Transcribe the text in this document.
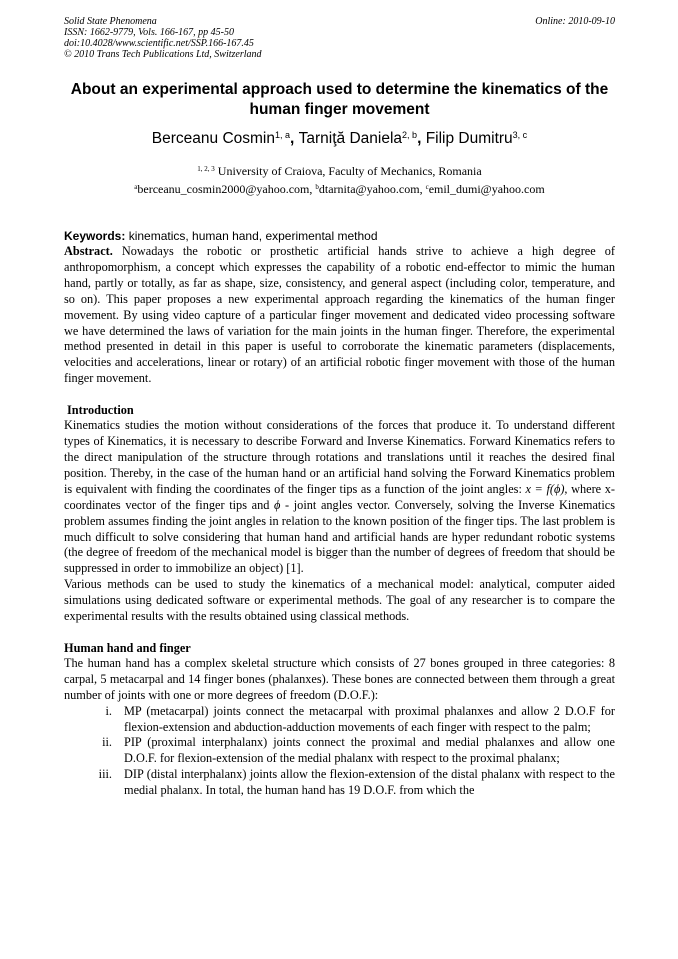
Solid State Phenomena
ISSN: 1662-9779, Vols. 166-167, pp 45-50
doi:10.4028/www.scientific.net/SSP.166-167.45
© 2010 Trans Tech Publications Ltd, Switzerland
Online: 2010-09-10
About an experimental approach used to determine the kinematics of the human finger movement
Berceanu Cosmin$^{1, a}$, Tarniţă Daniela$^{2, b}$, Filip Dumitru$^{3, c}$
$^{1, 2, 3}$ University of Craiova, Faculty of Mechanics, Romania
$^a$berceanu_cosmin2000@yahoo.com, $^b$dtarnita@yahoo.com, $^c$emil_dumi@yahoo.com
Keywords: kinematics, human hand, experimental method

Abstract. Nowadays the robotic or prosthetic artificial hands strive to achieve a high degree of anthropomorphism, a concept which expresses the capability of a robotic end-effector to mimic the human hand, partly or totally, as far as shape, size, consistency, and general aspect (including color, temperature, and so on). This paper proposes a new experimental approach regarding the kinematics of the human finger movement. By using video capture of a particular finger movement and dedicated video processing software we have determined the laws of variation for the main joints in the human finger. Therefore, the experimental method presented in detail in this paper is useful to corroborate the kinematic parameters (displacements, velocities and accelerations, linear or rotary) of an artificial robotic finger movement with those of the human finger movement.

Introduction

Kinematics studies the motion without considerations of the forces that produce it. To understand different types of Kinematics, it is necessary to describe Forward and Inverse Kinematics. Forward Kinematics refers to the direct manipulation of the structure through rotations and translations until it reaches the desired final position. Thereby, in the case of the human hand or an artificial hand solving the Forward Kinematics problem is equivalent with finding the coordinates of the finger tips as a function of the joint angles: x = f(ϕ), where x- coordinates vector of the finger tips and ϕ - joint angles vector. Conversely, solving the Inverse Kinematics problem assumes finding the joint angles in relation to the known position of the finger tips. The last problem is much difficult to solve considering that human hand and artificial hands are hyper redundant robotic systems (the degree of freedom of the mechanical model is bigger than the number of degrees of freedom that should be suppressed in order to immobilize an object) [1].

Various methods can be used to study the kinematics of a mechanical model: analytical, computer aided simulations using dedicated software or experimental methods. The goal of any researcher is to compare the experimental results with the results obtained using classical methods.

Human hand and finger

The human hand has a complex skeletal structure which consists of 27 bones grouped in three categories: 8 carpal, 5 metacarpal and 14 finger bones (phalanxes). These bones are connected between them through a great number of joints with one or more degrees of freedom (D.O.F.):

i. MP (metacarpal) joints connect the metacarpal with proximal phalanxes and allow 2 D.O.F for flexion-extension and abduction-adduction movements of each finger with respect to the palm;
ii. PIP (proximal interphalanx) joints connect the proximal and medial phalanxes and allow one D.O.F. for flexion-extension of the medial phalanx with respect to the proximal phalanx;
iii. DIP (distal interphalanx) joints allow the flexion-extension of the distal phalanx with respect to the medial phalanx. In total, the human hand has 19 D.O.F. from which the
